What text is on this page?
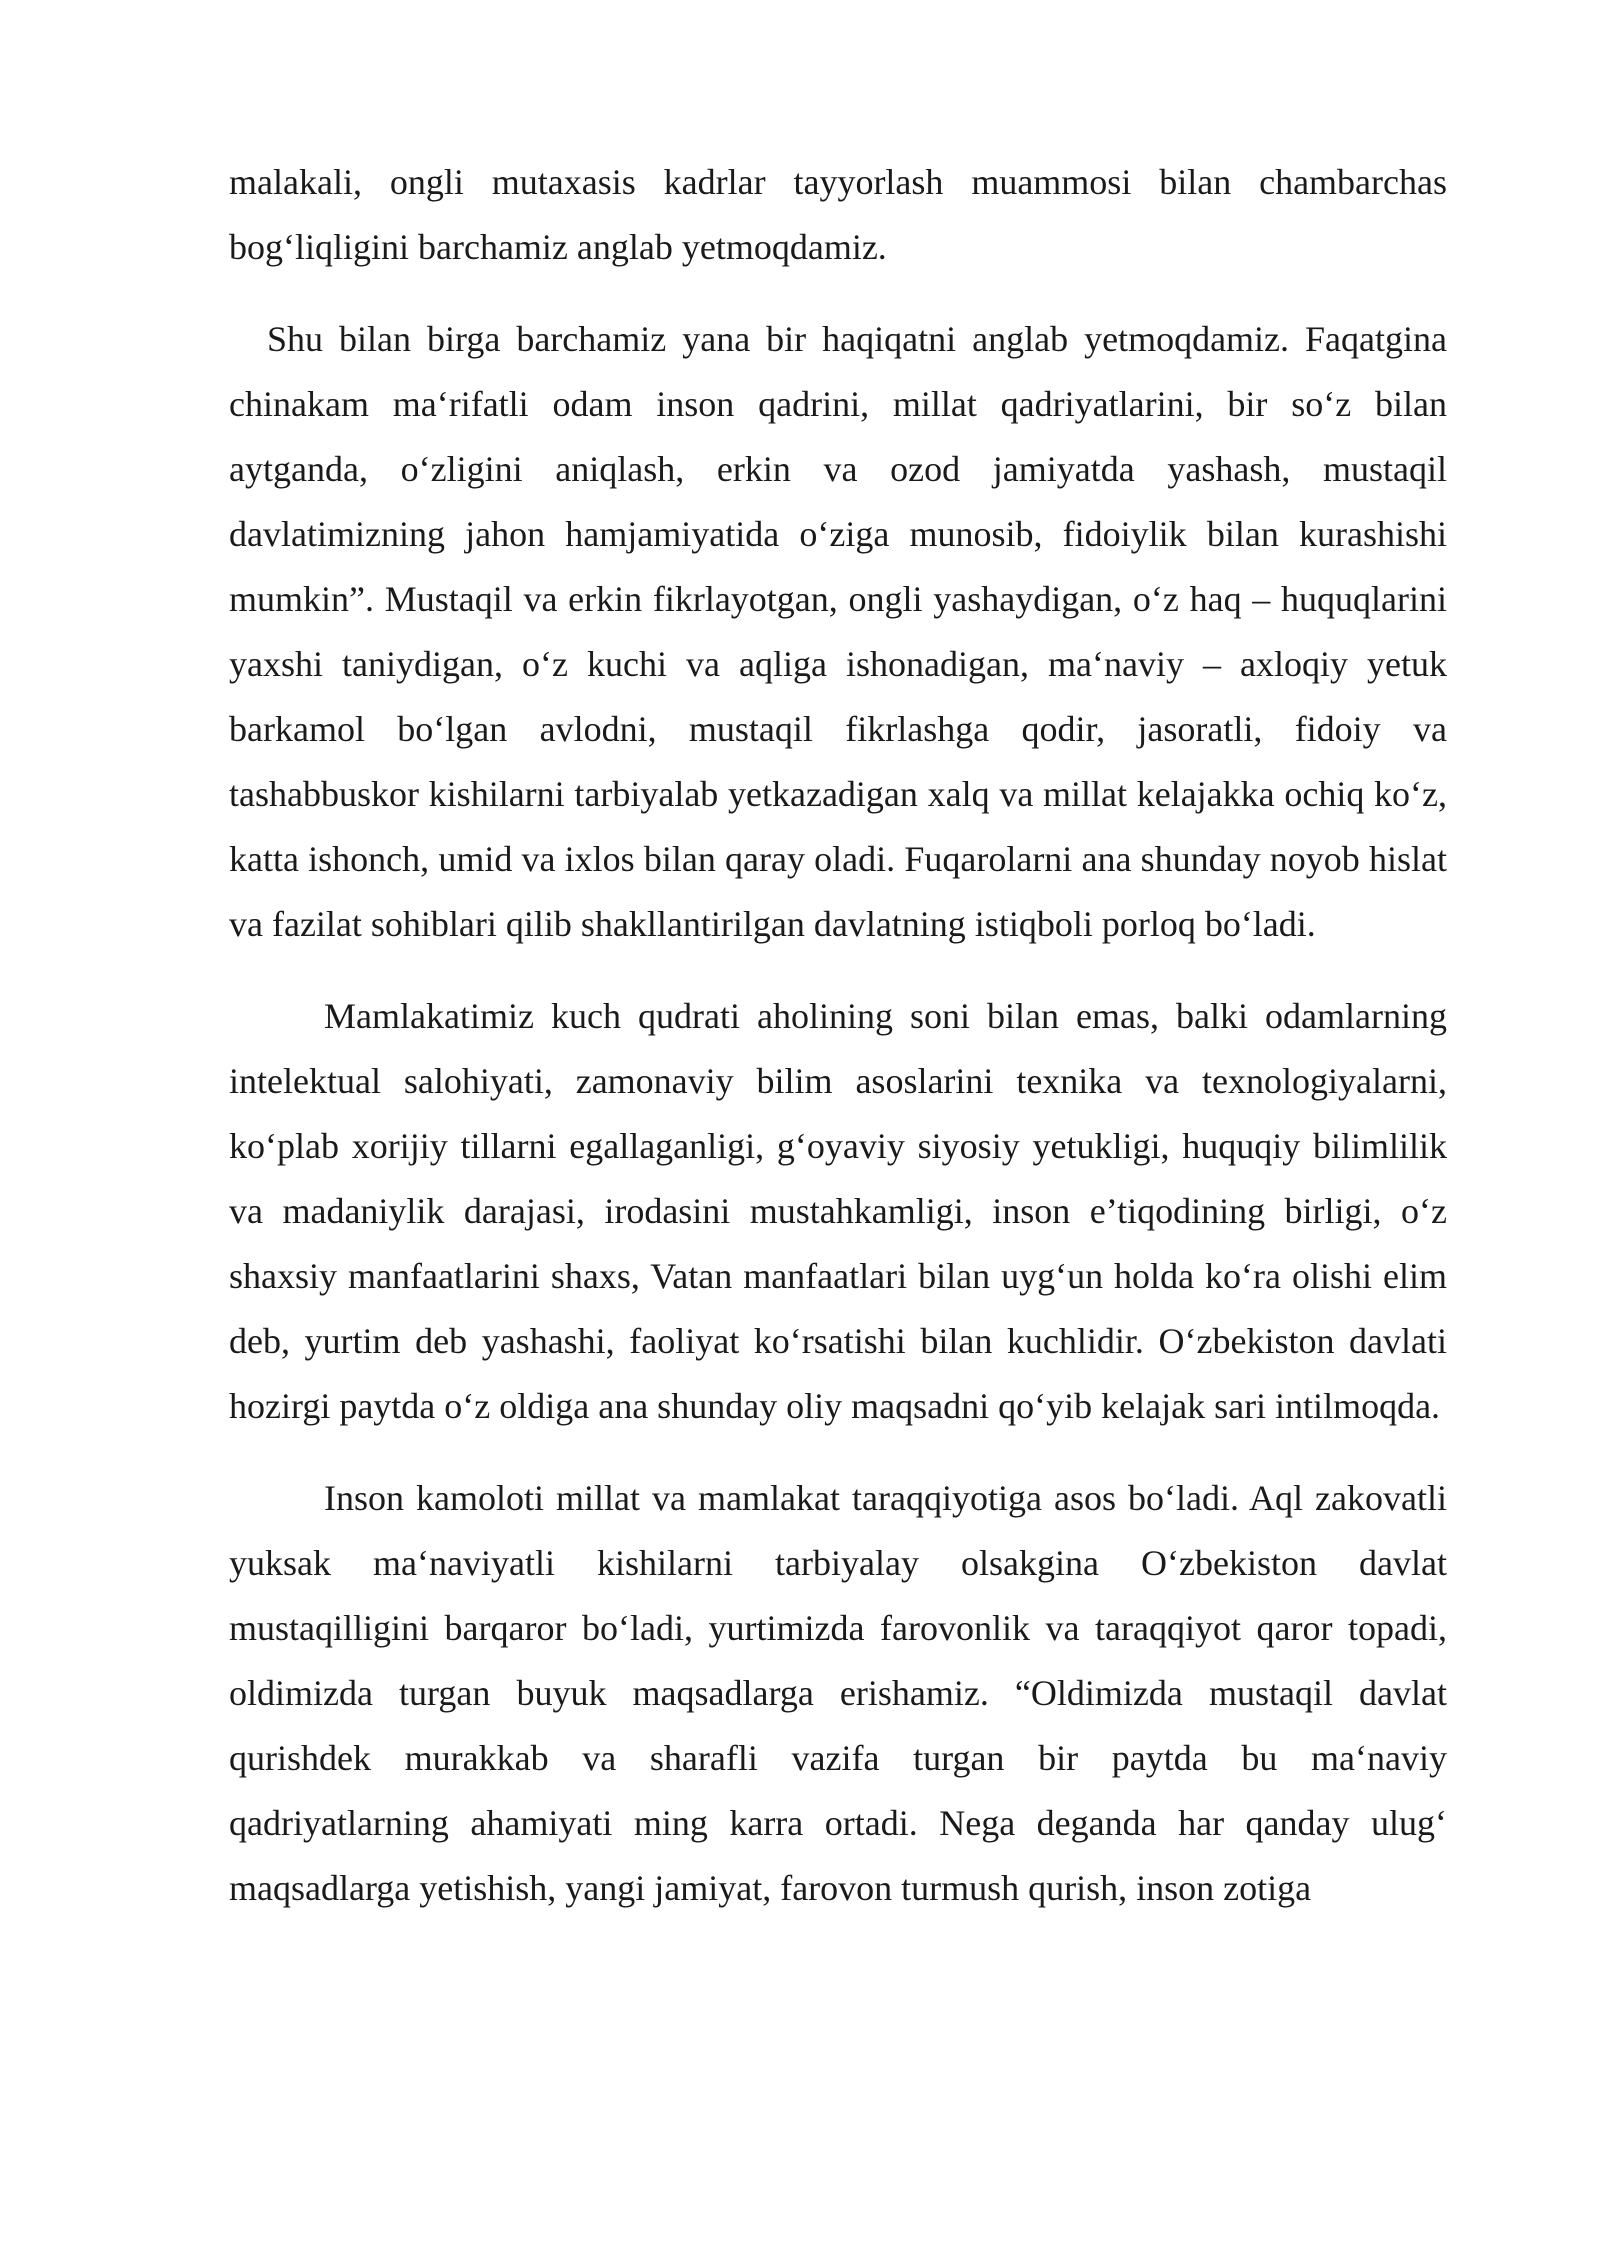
malakali, ongli mutaxasis kadrlar tayyorlash muammosi bilan chambarchas bog‘liqligini barchamiz anglab yetmoqdamiz.

Shu bilan birga barchamiz yana bir haqiqatni anglab yetmoqdamiz. Faqatgina chinakam ma‘rifatli odam inson qadrini, millat qadriyatlarini, bir so‘z bilan aytganda, o‘zligini aniqlash, erkin va ozod jamiyatda yashash, mustaqil davlatimizning jahon hamjamiyatida o‘ziga munosib, fidoiylik bilan kurashishi mumkin”. Mustaqil va erkin fikrlayotgan, ongli yashaydigan, o‘z haq – huquqlarini yaxshi taniydigan, o‘z kuchi va aqliga ishonadigan, ma‘naviy – axloqiy yetuk barkamol bo‘lgan avlodni, mustaqil fikrlashga qodir, jasoratli, fidoiy va tashabbuskor kishilarni tarbiyalab yetkazadigan xalq va millat kelajakka ochiq ko‘z, katta ishonch, umid va ixlos bilan qaray oladi. Fuqarolarni ana shunday noyob hislat va fazilat sohiblari qilib shakllantirilgan davlatning istiqboli porloq bo‘ladi.

Mamlakatimiz kuch qudrati aholining soni bilan emas, balki odamlarning intelektual salohiyati, zamonaviy bilim asoslarini texnika va texnologiyalarni, ko‘plab xorijiy tillarni egallaganligi, g‘oyaviy siyosiy yetukligi, huquqiy bilimlilik va madaniylik darajasi, irodasini mustahkamligi, inson e’tiqodining birligi, o‘z shaxsiy manfaatlarini shaxs, Vatan manfaatlari bilan uyg‘un holda ko‘ra olishi elim deb, yurtim deb yashashi, faoliyat ko‘rsatishi bilan kuchlidir. O‘zbekiston davlati hozirgi paytda o‘z oldiga ana shunday oliy maqsadni qo‘yib kelajak sari intilmoqda.

Inson kamoloti millat va mamlakat taraqqiyotiga asos bo‘ladi. Aql zakovatli yuksak ma‘naviyatli kishilarni tarbiyalay olsakgina O‘zbekiston davlat mustaqilligini barqaror bo‘ladi, yurtimizda farovonlik va taraqqiyot qaror topadi, oldimizda turgan buyuk maqsadlarga erishamiz. “Oldimizda mustaqil davlat qurishdek murakkab va sharafli vazifa turgan bir paytda bu ma‘naviy qadriyatlarning ahamiyati ming karra ortadi. Nega deganda har qanday ulug‘ maqsadlarga yetishish, yangi jamiyat, farovon turmush qurish, inson zotiga
